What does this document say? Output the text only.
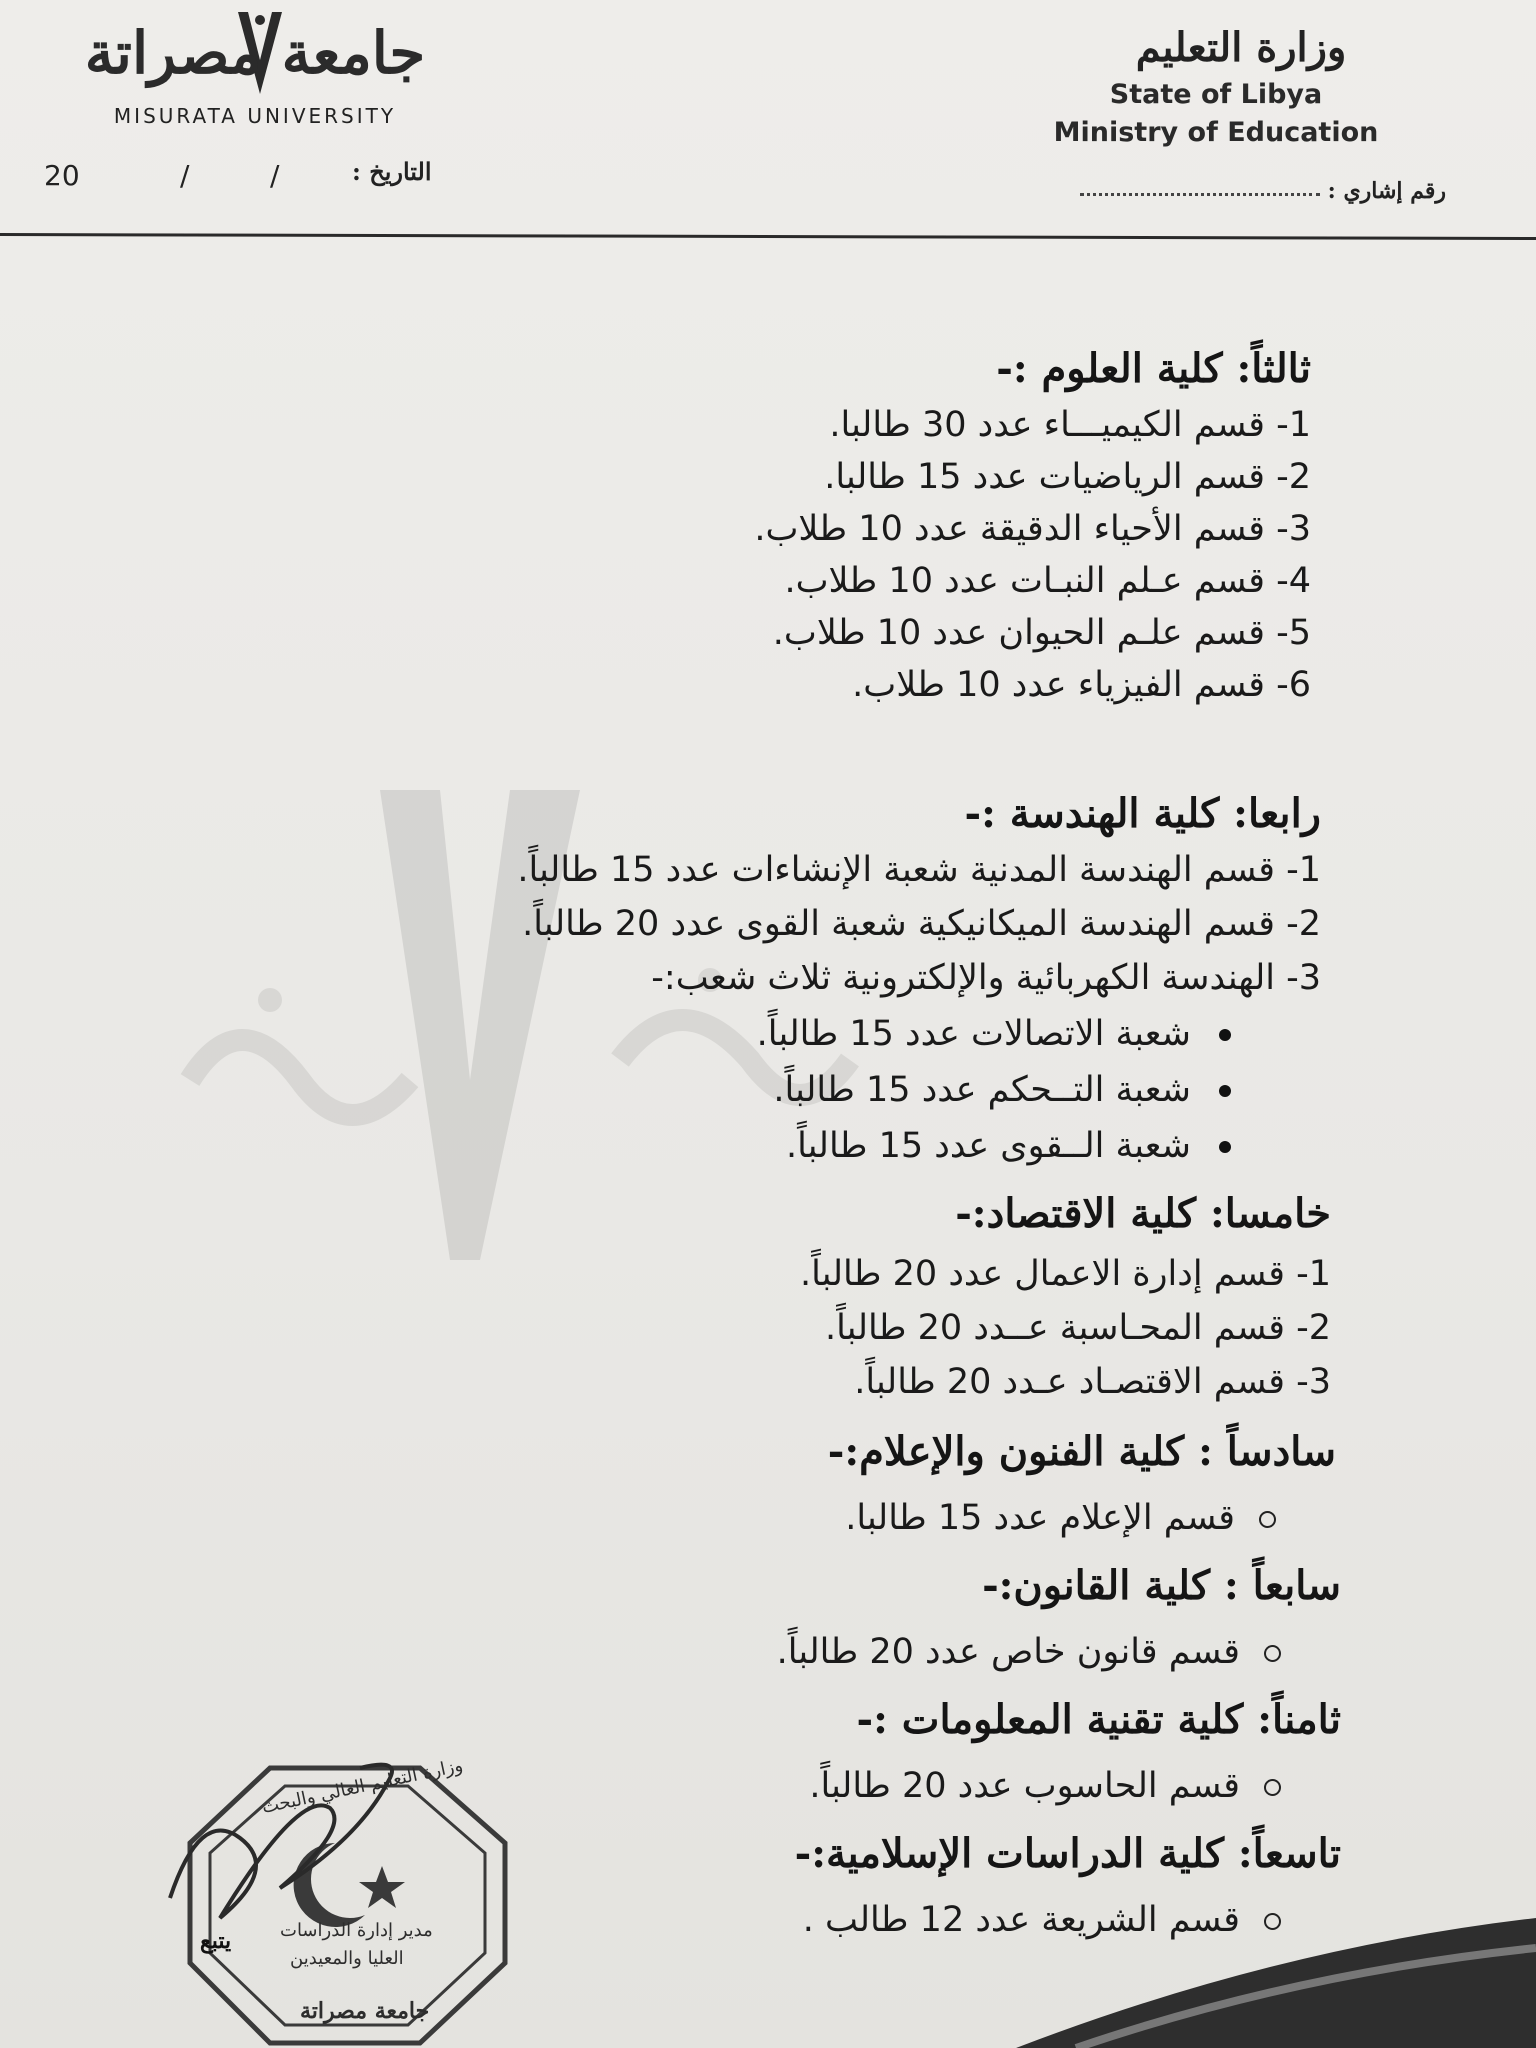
جامعة مصراتة
MISURATA UNIVERSITY
وزارة التعليم
State of Libya
Ministry of Education
20	/	/	التاريخ :
رقم إشاري :
ثالثاً: كلية العلوم :-
1- قسم الكيميـــاء عدد 30 طالبا.
2- قسم الرياضيات عدد 15 طالبا.
3- قسم الأحياء الدقيقة عدد 10 طلاب.
4- قسم عـلم النبـات عدد 10 طلاب.
5- قسم علـم الحيوان عدد 10 طلاب.
6- قسم الفيزياء عدد 10 طلاب.
رابعا: كلية الهندسة :-
1- قسم الهندسة المدنية شعبة الإنشاءات عدد 15 طالباً.
2- قسم الهندسة الميكانيكية شعبة القوى عدد 20 طالباً.
3- الهندسة الكهربائية والإلكترونية ثلاث شعب:-
شعبة الاتصالات عدد 15 طالباً.
شعبة التــحكم عدد 15 طالباً.
شعبة الــقوى عدد 15 طالباً.
خامسا: كلية الاقتصاد:-
1- قسم إدارة الاعمال عدد 20 طالباً.
2- قسم المحـاسبة عــدد 20 طالباً.
3- قسم الاقتصـاد عـدد 20 طالباً.
سادساً : كلية الفنون والإعلام:-
قسم الإعلام عدد 15 طالبا.
سابعاً : كلية القانون:-
قسم قانون خاص عدد 20 طالباً.
ثامناً: كلية تقنية المعلومات :-
قسم الحاسوب عدد 20 طالباً.
تاسعاً: كلية الدراسات الإسلامية:-
قسم الشريعة عدد 12 طالب .
وزارة التعليم العالي والبحث
مدير إدارة الدراسات
العليا والمعيدين
جامعة مصراتة
يتبع
